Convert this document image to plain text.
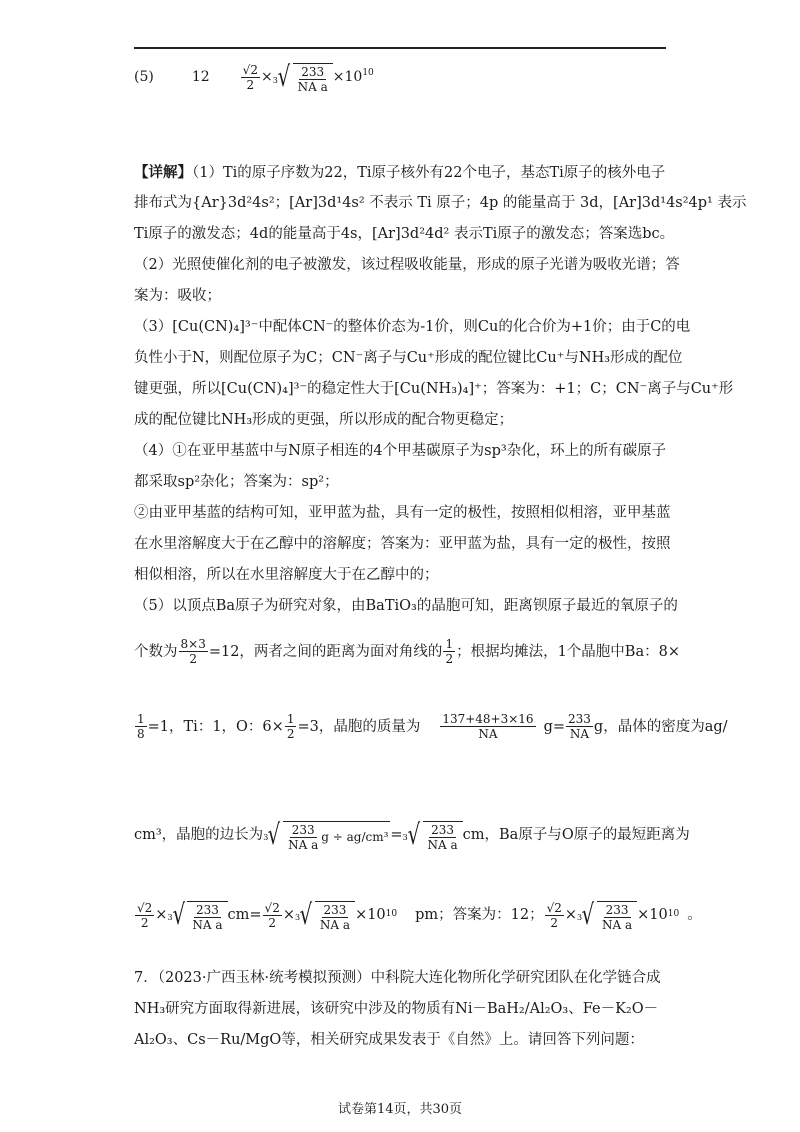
(5)	12	$\frac{√2}{2} \times 3$ √ $\frac{233}{\text{NA a}} \times 10^{10}$
【详解】（1）Ti的原子序数为22，Ti原子核外有22个电子，基态Ti原子的核外电子
排布式为{Ar}3d²4s²；[Ar]3d¹4s² 不表示 Ti 原子；4p 的能量高于 3d，[Ar]3d¹4s²4p¹ 表示
Ti原子的激发态；4d的能量高于4s，[Ar]3d²4d² 表示Ti原子的激发态；答案选bc。
（2）光照使催化剂的电子被激发，该过程吸收能量，形成的原子光谱为吸收光谱；答
案为：吸收；
（3）[Cu(CN)₄]³⁻中配体CN⁻的整体价态为-1价，则Cu的化合价为+1价；由于C的电
负性小于N，则配位原子为C；CN⁻离子与Cu⁺形成的配位键比Cu⁺与NH₃形成的配位
键更强，所以[Cu(CN)₄]³⁻的稳定性大于[Cu(NH₃)₄]⁺；答案为：+1；C；CN⁻离子与Cu⁺形
成的配位键比NH₃形成的更强，所以形成的配合物更稳定；
（4）①在亚甲基蓝中与N原子相连的4个甲基碳原子为sp³杂化，环上的所有碳原子
都采取sp²杂化；答案为：sp²；
②由亚甲基蓝的结构可知，亚甲蓝为盐，具有一定的极性，按照相似相溶，亚甲基蓝
在水里溶解度大于在乙醇中的溶解度；答案为：亚甲蓝为盐，具有一定的极性，按照
相似相溶，所以在水里溶解度大于在乙醇中的；
（5）以顶点Ba原子为研究对象，由BaTiO₃的晶胞可知，距离钡原子最近的氧原子的
个数为 $\frac{8\times 3}{2} =12$，两者之间的距离为面对角线的 $\frac{1}{2}$ ；根据均摊法，1个晶胞中Ba：8×
$\frac{1}{8} =1$，Ti：1，O：$6\times \frac{1}{2} =3$，晶胞的质量为 $\frac{137+48+3\times 16}{NA} g= \frac{233}{NA}$ g，晶体的密度为ag/
cm³，晶胞的边长为 3 √ $\frac{233}{\text{NA a}}$ g ÷ ag/cm³ = 3 √ $\frac{233}{\text{NA a}}$ cm，Ba原子与O原子的最短距离为
$\frac{√2}{2} \times 3$ √ $\frac{233}{\text{NA a}} cm= \frac{√2}{2} \times 3$ √ $\frac{233}{\text{NA a}} \times 10$ 10 pm；答案为：12； $\frac{√2}{2} \times 3$ √ $\frac{233}{\text{NA a}} \times 10$ 10 。
7．（2023·广西玉林·统考模拟预测）中科院大连化物所化学研究团队在化学链合成
NH₃研究方面取得新进展，该研究中涉及的物质有Ni－BaH₂/Al₂O₃、Fe－K₂O－
Al₂O₃、Cs－Ru/MgO等，相关研究成果发表于《自然》上。请回答下列问题：
试卷第14页，共30页
